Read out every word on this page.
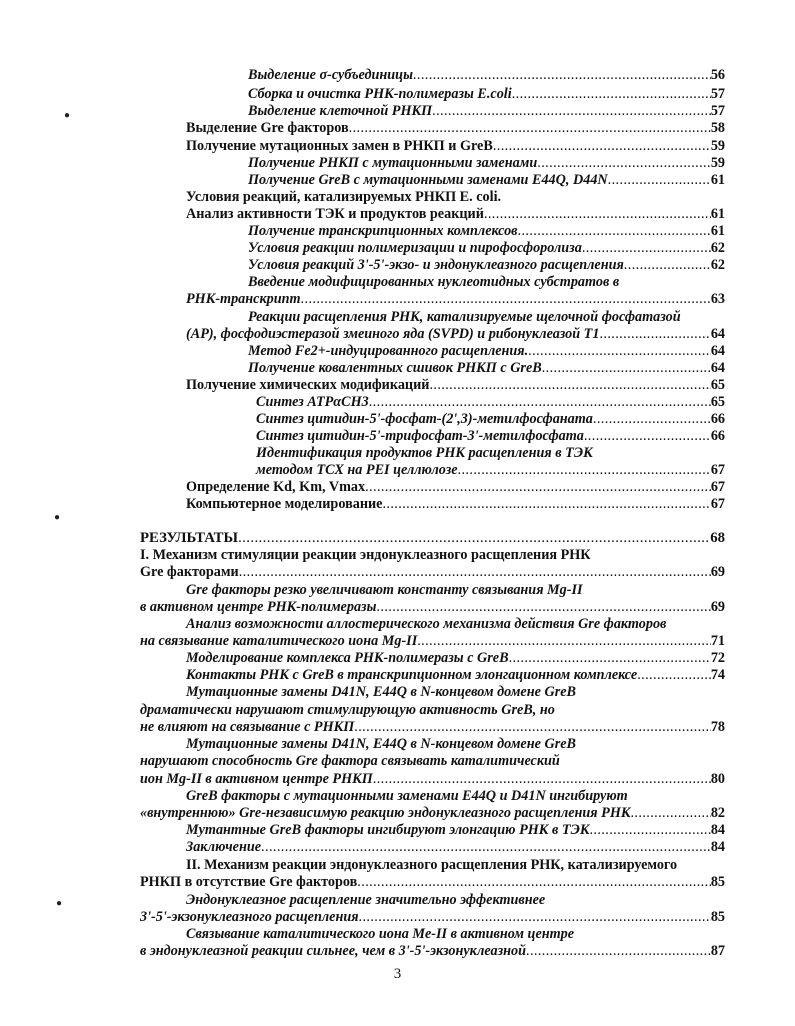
Выделение σ-субъединицы .....	56
Сборка и очистка РНК-полимеразы E.coli .....	57
Выделение клеточной РНКП .....	57
Выделение Gre факторов .....	58
Получение мутационных замен в РНКП и GreB .....	59
Получение РНКП с мутационными заменами .....	59
Получение GreB с мутационными заменами E44Q, D44N .....	61
Условия реакций, катализируемых РНКП E. coli.
Анализ активности ТЭК и продуктов реакций .....	61
Получение транскрипционных комплексов .....	61
Условия реакции полимеризации и пирофосфоролиза .....	62
Условия реакций 3'-5'-экзо- и эндонуклеазного расщепления .....	62
Введение модифицированных нуклеотидных субстратов в
РНК-транскрипт .....	63
Реакции расщепления РНК, катализируемые щелочной фосфатазой
(AP), фосфодиэстеразой змеиного яда (SVPD) и рибонуклеазой T1 .....	64
Метод Fe2+-индуцированного расщепления. .....	64
Получение ковалентных сшивок РНКП с GreB .....	64
Получение химических модификаций .....	65
Синтез ATPαCH3 .....	65
Синтез цитидин-5'-фосфат-(2',3)-метилфосфаната .....	66
Синтез цитидин-5'-трифосфат-3'-метилфосфата .....	66
Идентификация продуктов РНК расщепления в ТЭК
методом ТСХ на PEI целлюлозе .....	67
Определение Kd, Km, Vmax .....	67
Компьютерное моделирование .....	67
РЕЗУЛЬТАТЫ .....	68
I. Механизм стимуляции реакции эндонуклеазного расщепления РНК
Gre факторами .....	69
Gre факторы резко увеличивают константу связывания Mg-II
в активном центре РНК-полимеразы .....	69
Анализ возможности аллостерического механизма действия Gre факторов
на связывание каталитического иона Mg-II .....	71
Моделирование комплекса РНК-полимеразы с GreB .....	72
Контакты РНК с GreB в транскрипционном элонгационном комплексе .....	74
Мутационные замены D41N, E44Q в N-концевом домене GreB
драматически нарушают стимулирующую активность GreB, но
не влияют на связывание с РНКП .....	78
Мутационные замены D41N, E44Q в N-концевом домене GreB
нарушают способность Gre фактора связывать каталитический
ион Mg-II в активном центре РНКП .....	80
GreB факторы с мутационными заменами E44Q и D41N ингибируют
«внутреннюю» Gre-независимую реакцию эндонуклеазного расщепления РНК .....	82
Мутантные GreB факторы ингибируют элонгацию РНК в ТЭК .....	84
Заключение .....	84
II. Механизм реакции эндонуклеазного расщепления РНК, катализируемого
РНКП в отсутствие Gre факторов .....	85
Эндонуклеазное расщепление значительно эффективнее
3'-5'-экзонуклеазного расщепления .....	85
Связывание каталитического иона Me-II в активном центре
в эндонуклеазной реакции сильнее, чем в 3'-5'-экзонуклеазной .....	87
●
●
●
3
